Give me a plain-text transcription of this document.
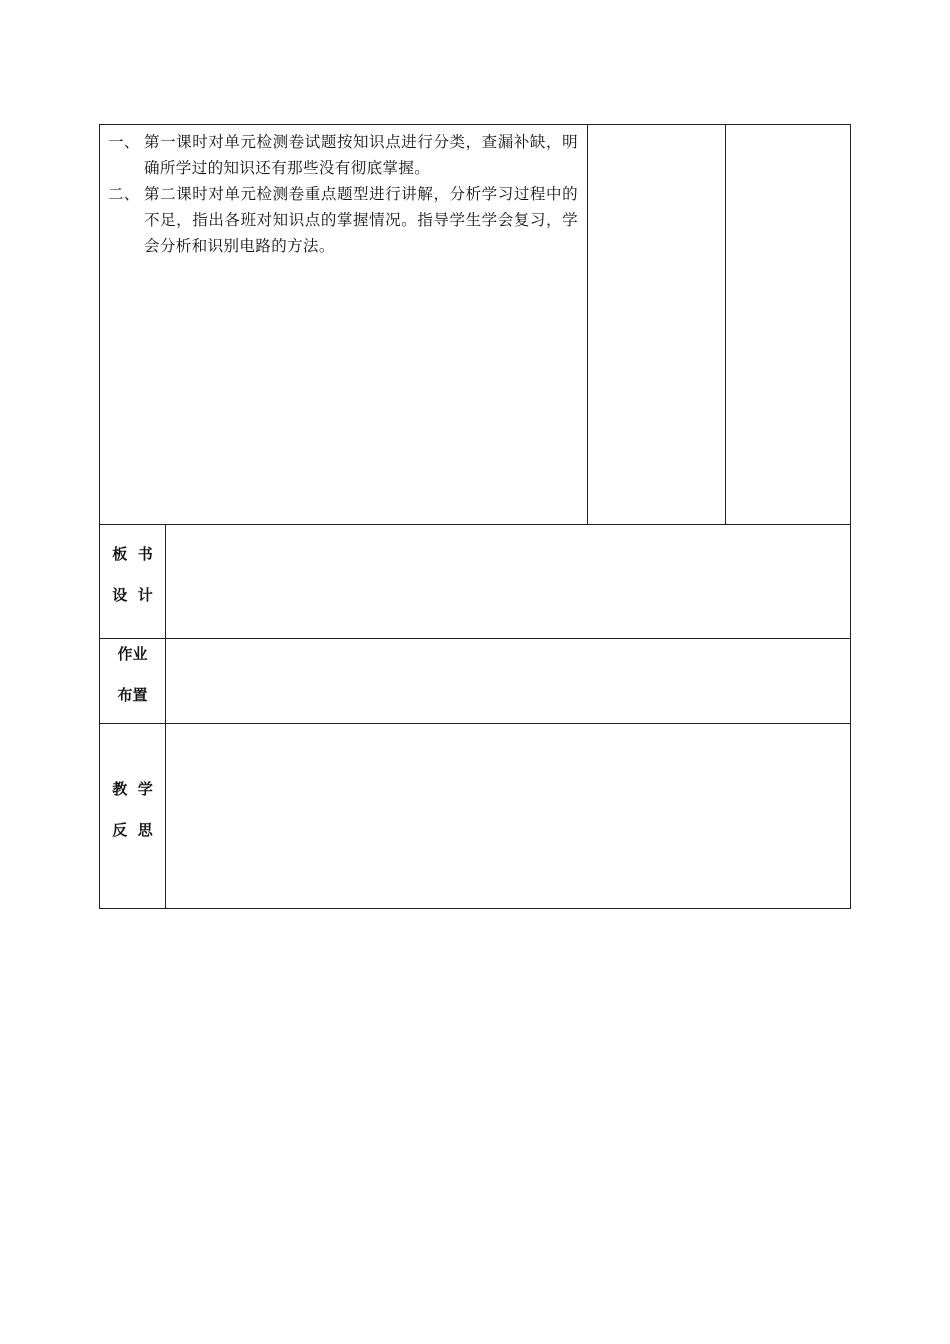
一、 第一课时对单元检测卷试题按知识点进行分类，查漏补缺，明确所学过的知识还有那些没有彻底掌握。
二、 第二课时对单元检测卷重点题型进行讲解，分析学习过程中的不足，指出各班对知识点的掌握情况。指导学生学会复习，学会分析和识别电路的方法。
板  书
设  计
作业
布置
教  学
反  思
